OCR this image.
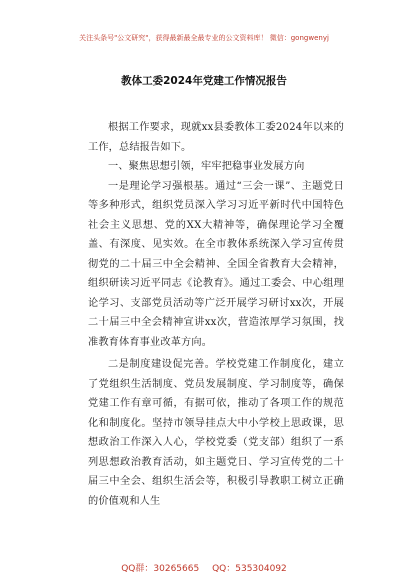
关注头条号"公文研究"，获得最新最全最专业的公文资料库！ 微信：gongwenyj
教体工委2024年党建工作情况报告

根据工作要求，现就xx县委教体工委2024年以来的工作，总结报告如下。

一、聚焦思想引领，牢牢把稳事业发展方向

一是理论学习强根基。通过“三会一课”、主题党日等多种形式，组织党员深入学习习近平新时代中国特色社会主义思想、党的XX大精神等，确保理论学习全覆盖、有深度、见实效。在全市教体系统深入学习宣传贯彻党的二十届三中全会精神、全国全省教育大会精神，组织研读习近平同志《论教育》。通过工委会、中心组理论学习、支部党员活动等广泛开展学习研讨xx次，开展二十届三中全会精神宣讲xx次，营造浓厚学习氛围，找准教育体育事业改革方向。

二是制度建设促完善。学校党建工作制度化，建立了党组织生活制度、党员发展制度、学习制度等，确保党建工作有章可循，有据可依，推动了各项工作的规范化和制度化。坚持市领导挂点大中小学校上思政课，思想政治工作深入人心，学校党委（党支部）组织了一系列思想政治教育活动，如主题党日、学习宣传党的二十届三中全会、组织生活会等，积极引导教职工树立正确的价值观和人生

QQ群：30265665 QQ：535304092
